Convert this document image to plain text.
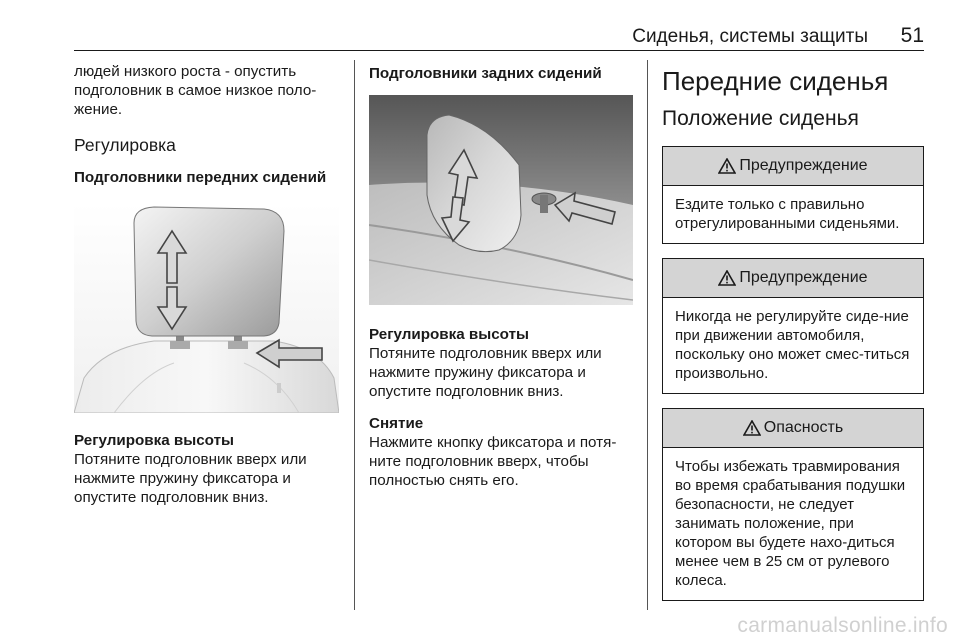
Сиденья, системы защиты 51

людей низкого роста - опустить подголовник в самое низкое поло-жение.

Регулировка

Подголовники передних сидений

Регулировка высоты

Потяните подголовник вверх или нажмите пружину фиксатора и опустите подголовник вниз.

Подголовники задних сидений

Регулировка высоты

Потяните подголовник вверх или нажмите пружину фиксатора и опустите подголовник вниз.

Снятие

Нажмите кнопку фиксатора и потя-ните подголовник вверх, чтобы полностью снять его.

Передние сиденья

Положение сиденья

Предупреждение
Ездите только с правильно отрегулированными сиденьями.
Предупреждение
Никогда не регулируйте сиде-ние при движении автомобиля, поскольку оно может смес-титься произвольно.
Опасность
Чтобы избежать травмирования во время срабатывания подушки безопасности, не следует занимать положение, при котором вы будете нахо-диться менее чем в 25 см от рулевого колеса.
carmanualsonline.info
